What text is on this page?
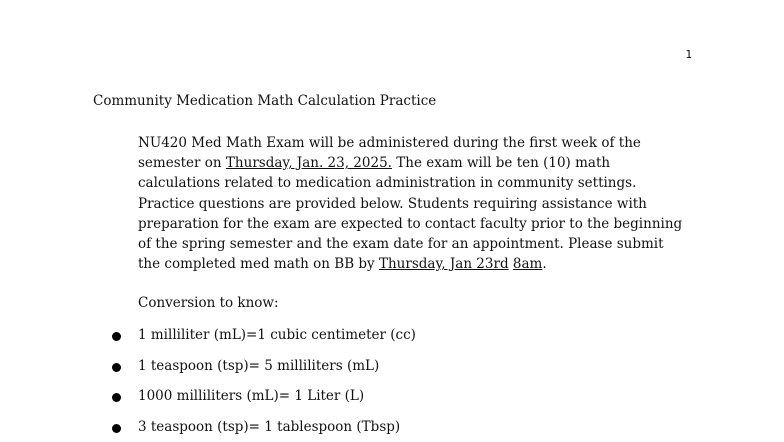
1
Community Medication Math Calculation Practice

NU420 Med Math Exam will be administered during the first week of the semester on Thursday, Jan. 23, 2025. The exam will be ten (10) math calculations related to medication administration in community settings. Practice questions are provided below. Students requiring assistance with preparation for the exam are expected to contact faculty prior to the beginning of the spring semester and the exam date for an appointment. Please submit the completed med math on BB by Thursday, Jan 23rd 8am.

Conversion to know:
1 milliliter (mL)=1 cubic centimeter (cc)
1 teaspoon (tsp)= 5 milliliters (mL)
1000 milliliters (mL)= 1 Liter (L)
3 teaspoon (tsp)= 1 tablespoon (Tbsp)
